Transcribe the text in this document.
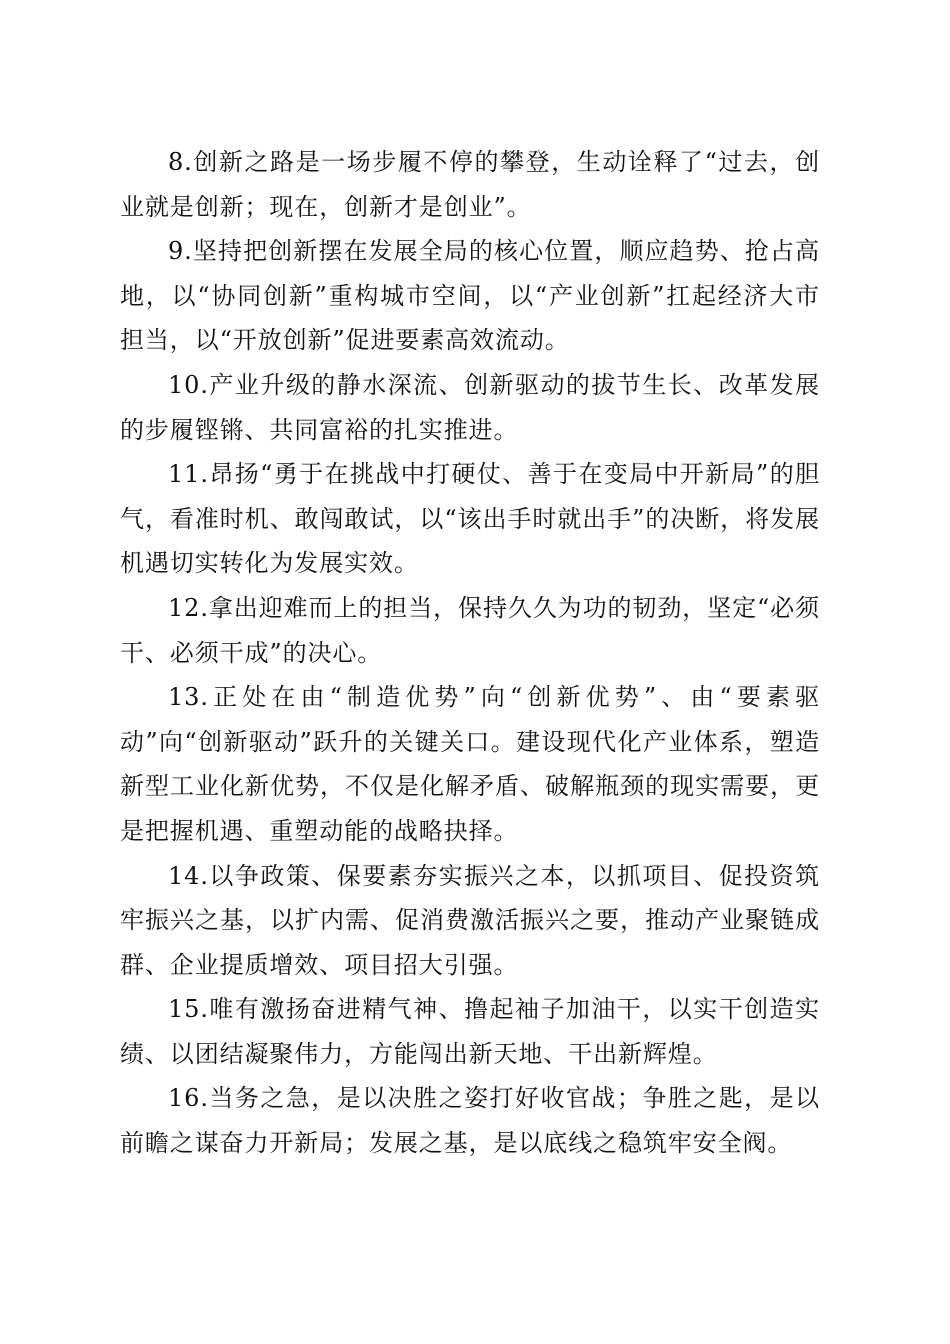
8.创新之路是一场步履不停的攀登，生动诠释了“过去，创业就是创新；现在，创新才是创业”。

9.坚持把创新摆在发展全局的核心位置，顺应趋势、抢占高地，以“协同创新”重构城市空间，以“产业创新”扛起经济大市担当，以“开放创新”促进要素高效流动。

10.产业升级的静水深流、创新驱动的拔节生长、改革发展的步履铿锵、共同富裕的扎实推进。

11.昂扬“勇于在挑战中打硬仗、善于在变局中开新局”的胆气，看准时机、敢闯敢试，以“该出手时就出手”的决断，将发展机遇切实转化为发展实效。

12.拿出迎难而上的担当，保持久久为功的韧劲，坚定“必须干、必须干成”的决心。

13.正处在由“制造优势”向“创新优势”、由“要素驱动”向“创新驱动”跃升的关键关口。建设现代化产业体系，塑造新型工业化新优势，不仅是化解矛盾、破解瓶颈的现实需要，更是把握机遇、重塑动能的战略抉择。

14.以争政策、保要素夯实振兴之本，以抓项目、促投资筑牢振兴之基，以扩内需、促消费激活振兴之要，推动产业聚链成群、企业提质增效、项目招大引强。

15.唯有激扬奋进精气神、撸起袖子加油干，以实干创造实绩、以团结凝聚伟力，方能闯出新天地、干出新辉煌。

16.当务之急，是以决胜之姿打好收官战；争胜之匙，是以前瞻之谋奋力开新局；发展之基，是以底线之稳筑牢安全阀。
